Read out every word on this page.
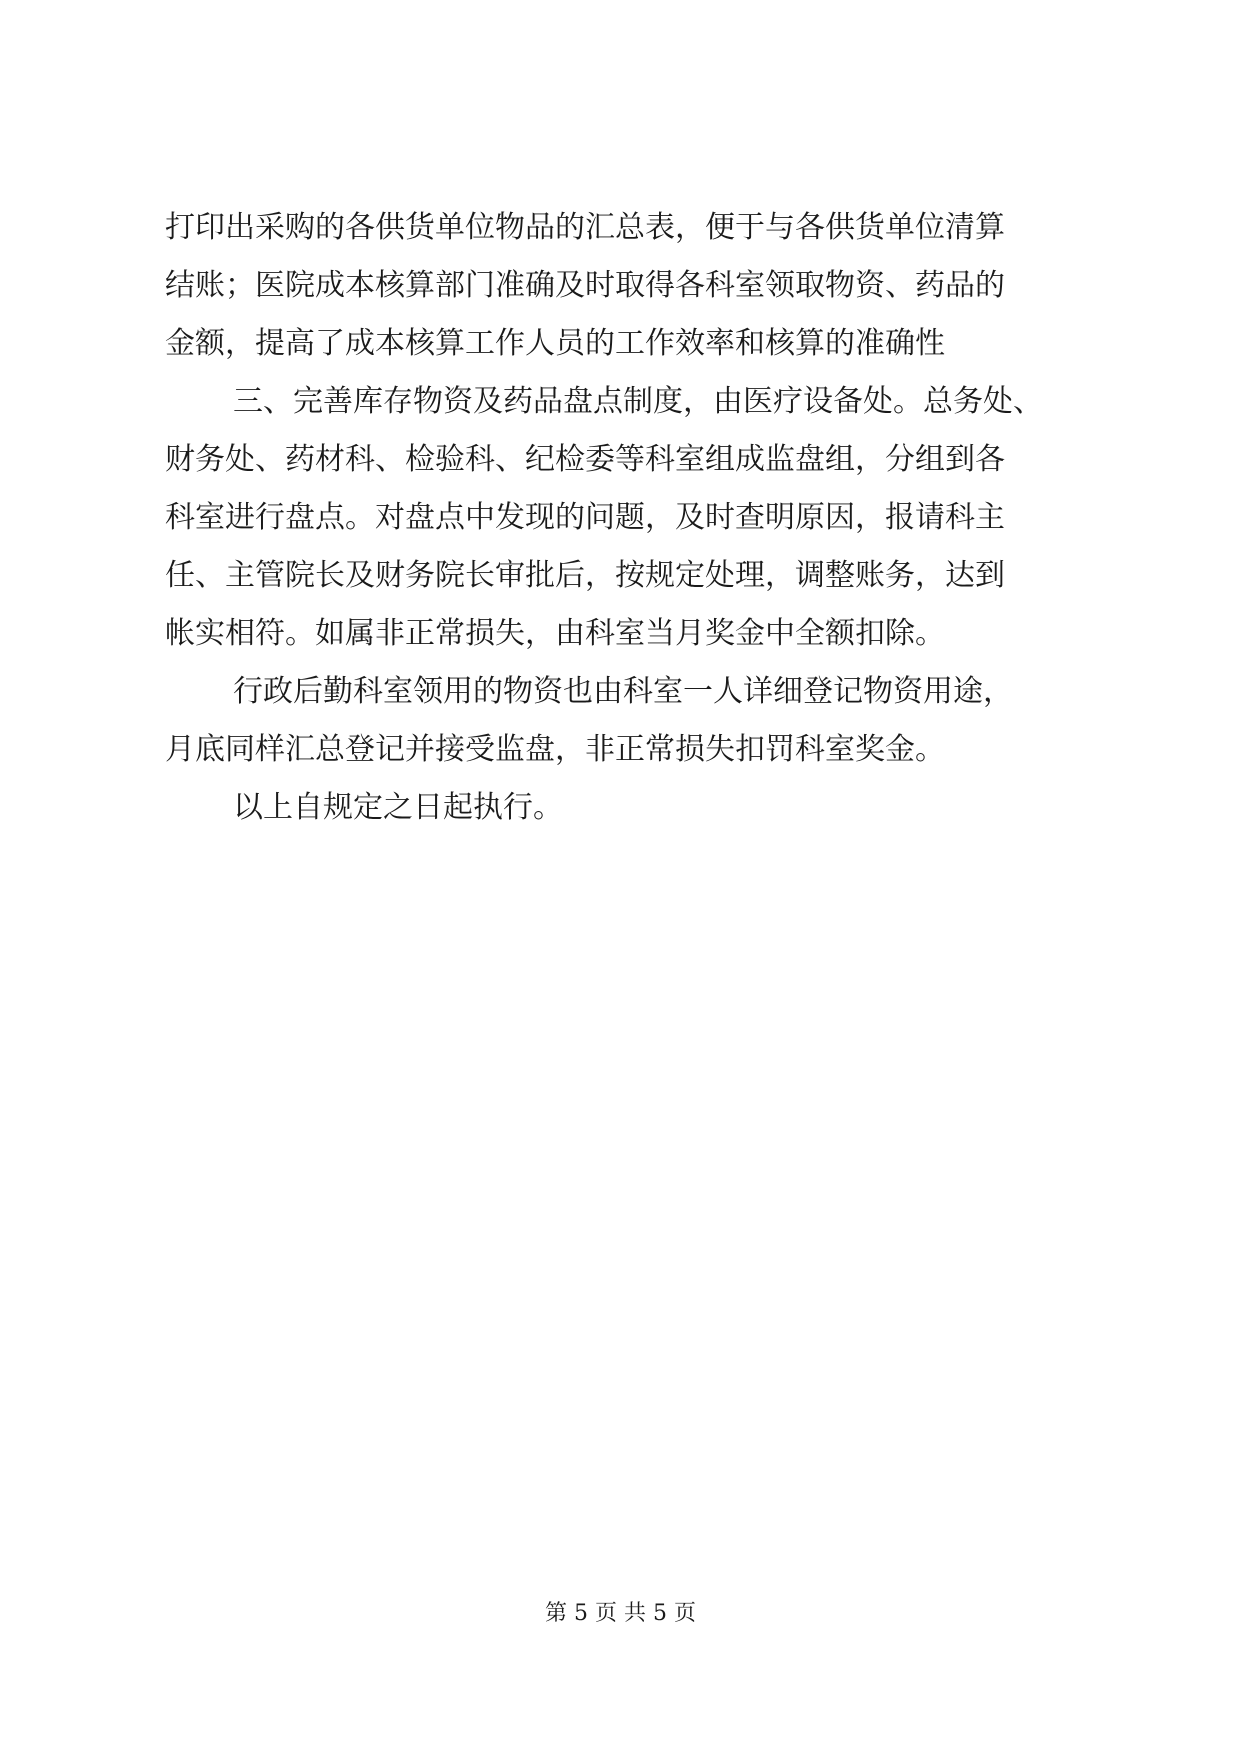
打印出采购的各供货单位物品的汇总表，便于与各供货单位清算
结账；医院成本核算部门准确及时取得各科室领取物资、药品的
金额，提高了成本核算工作人员的工作效率和核算的准确性
三、完善库存物资及药品盘点制度，由医疗设备处。总务处、
财务处、药材科、检验科、纪检委等科室组成监盘组，分组到各
科室进行盘点。对盘点中发现的问题，及时查明原因，报请科主
任、主管院长及财务院长审批后，按规定处理，调整账务，达到
帐实相符。如属非正常损失，由科室当月奖金中全额扣除。
行政后勤科室领用的物资也由科室一人详细登记物资用途，
月底同样汇总登记并接受监盘，非正常损失扣罚科室奖金。
以上自规定之日起执行。
第 5 页 共 5 页
